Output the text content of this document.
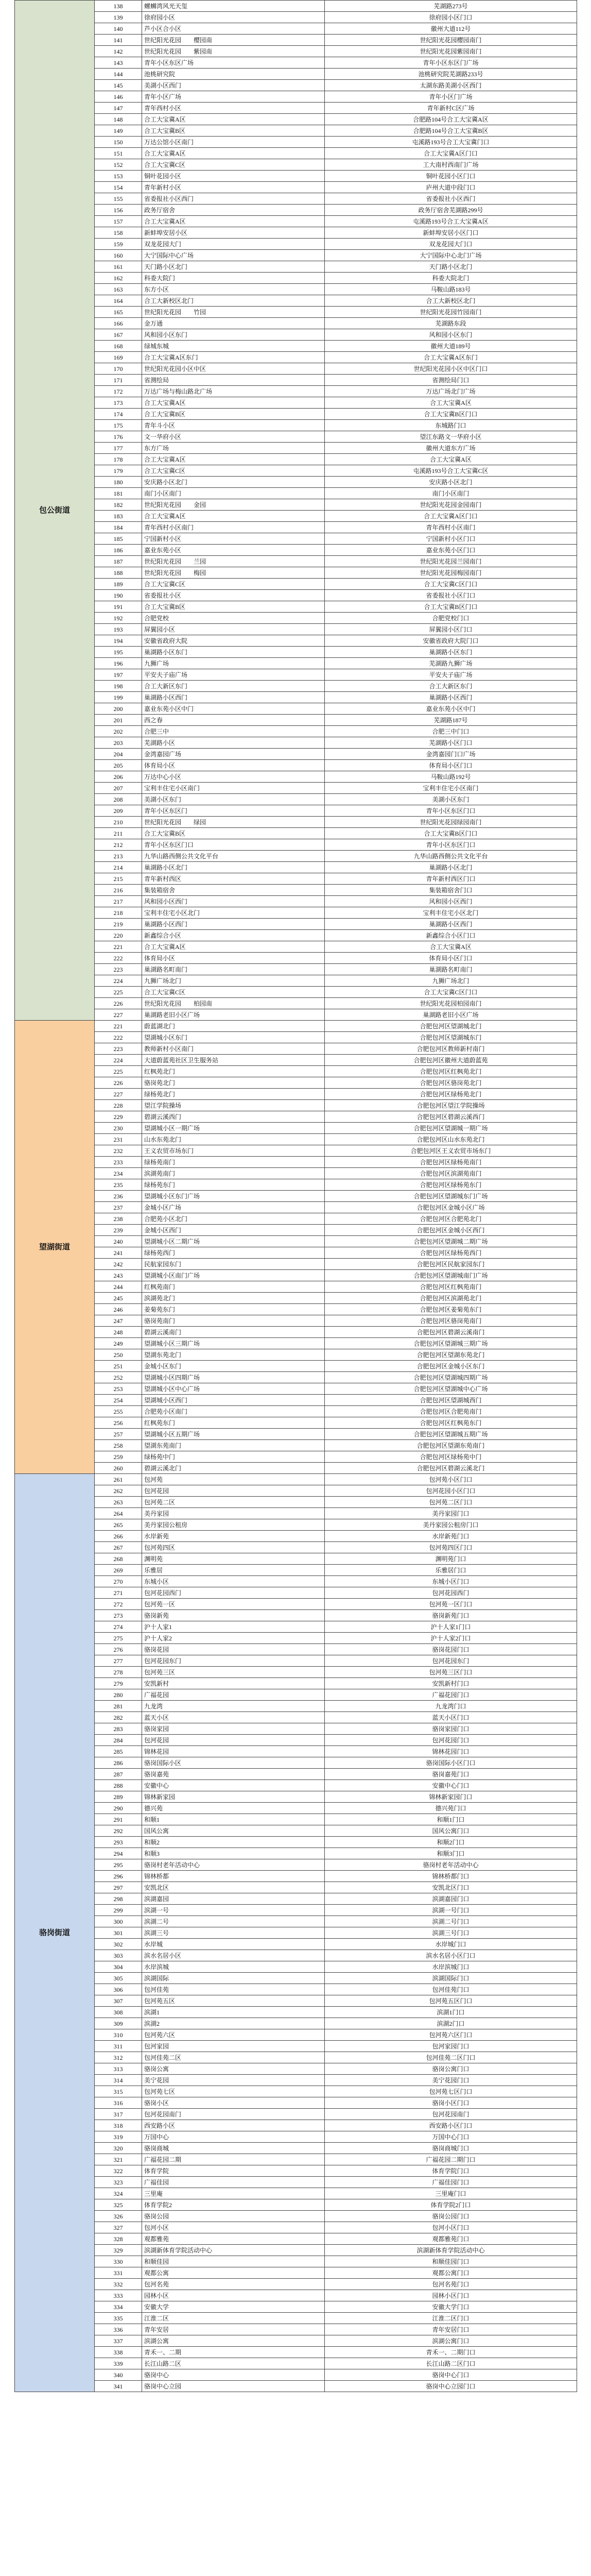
包公街道	138	螺蛳湾风光天玺	芜湖路273号
	139	徐府园小区	徐府园小区门口
	140	芦小区合小区	徽州大道112号
	141	世纪阳光花园　　樱园南	世纪阳光花园樱园南门
	142	世纪阳光花园　　紫园南	世纪阳光花园紫园南门
	143	青年小区东区广场	青年小区东区门广场
	144	池桃研究院	池桃研究院芜湖路233号
	145	美湖小区西门	太湖东路美湖小区西门
	146	青年小区广场	青年小区门广场
	147	青年西村小区	青年新村C区广场
	148	合工大宝冀A区	合肥路104号合工大宝冀A区
	149	合工大宝冀B区	合肥路104号合工大宝冀B区
	150	万达公馆小区南门	屯溪路193号合工大宝冀门口
	151	合工大宝冀A区	合工大宝冀A区门口
	152	合工大宝冀C区	工大南村西南门广场
	153	铜叶花园小区	铜叶花园小区门口
	154	青年新村小区	庐州大道中段门口
	155	省委报社小区西门	省委报社小区西门
	156	政务厅宿舍	政务厅宿舍芜湖路299号
	157	合工大宝冀A区	屯溪路193号合工大宝冀A区
	158	新蚌埠安居小区	新蚌埠安居小区门口
	159	双龙花园大门	双龙花园大门口
	160	大宁国际中心广场	大宁国际中心北门广场
	161	天门路小区北门	天门路小区北门
	162	科委大院门	科委大院北门
	163	东方小区	马鞍山路183号
	164	合工大新校区北门	合工大新校区北门
	165	世纪阳光花园　　竹园	世纪阳光花园竹园南门
	166	金万通	芜湖路东段
	167	风和园小区东门	风和园小区东门
	168	绿城东城	徽州大道189号
	169	合工大宝冀A区东门	合工大宝冀A区东门
	170	世纪阳光花园小区中区	世纪阳光花园小区中区门口
	171	省测绘局	省测绘局门口
	172	万达广场与梅山路北广场	万达广场北门广场
	173	合工大宝冀A区	合工大宝冀A区
	174	合工大宝冀B区	合工大宝冀B区门口
	175	青年斗小区	东城路门口
	176	文一华府小区	望江东路文一华府小区
	177	东方广场	徽州大道东方广场
	178	合工大宝冀A区	合工大宝冀A区
	179	合工大宝冀C区	屯溪路193号合工大宝冀C区
	180	安庆路小区北门	安庆路小区北门
	181	南门小区南门	南门小区南门
	182	世纪阳光花园　　金园	世纪阳光花园金园南门
	183	合工大宝冀A区	合工大宝冀A区门口
	184	青年西村小区南门	青年西村小区南门
	185	宁国新村小区	宁国新村小区门口
	186	嘉业东苑小区	嘉业东苑小区门口
	187	世纪阳光花园　　兰园	世纪阳光花园兰园南门
	188	世纪阳光花园　　梅园	世纪阳光花园梅园南门
	189	合工大宝冀C区	合工大宝冀C区门口
	190	省委报社小区	省委报社小区门口
	191	合工大宝冀B区	合工大宝冀B区门口
	192	合肥党校	合肥党校门口
	193	屏翼园小区	屏翼园小区门口
	194	安徽省政府大院	安徽省政府大院门口
	195	巢湖路小区东门	巢湖路小区东门
	196	九狮广场	芜湖路九狮广场
	197	平安夫子庙广场	平安夫子庙广场
	198	合工大新区东门	合工大新区东门
	199	巢湖路小区西门	巢湖路小区西门
	200	嘉业东苑小区中门	嘉业东苑小区中门
	201	西之春	芜湖路187号
	202	合肥三中	合肥三中门口
	203	芜湖路小区	芜湖路小区门口
	204	金湾嘉园广场	金湾嘉园门口广场
	205	体育局小区	体育局小区门口
	206	万达中心小区	马鞍山路192号
	207	宝利丰住宅小区南门	宝利丰住宅小区南门
	208	美湖小区东门	美湖小区东门
	209	青年小区东区门	青年小区东区门口
	210	世纪阳光花园　　绿园	世纪阳光花园绿园南门
	211	合工大宝冀B区	合工大宝冀B区门口
	212	青年小区东区门口	青年小区东区门口
	213	九华山路西侧公共文化平台	九华山路西侧公共文化平台
	214	巢湖路小区北门	巢湖路小区北门
	215	青年新村西区	青年新村西区门口
	216	集装箱宿舍	集装箱宿舍门口
	217	风和园小区西门	风和园小区西门
	218	宝利丰住宅小区北门	宝利丰住宅小区北门
	219	巢湖路小区西门	巢湖路小区西门
	220	新鑫综合小区	新鑫综合小区门口
	221	合工大宝冀A区	合工大宝冀A区
	222	体育局小区	体育局小区门口
	223	巢湖路名町南门	巢湖路名町南门
	224	九狮广场北门	九狮广场北门
	225	合工大宝冀C区	合工大宝冀C区门口
	226	世纪阳光花园　　柏园南	世纪阳光花园柏园南门
	227	巢湖路老旧小区广场	巢湖路老旧小区广场
望湖街道	221	蔚蓝湖北门	合肥包河区望湖城北门
	222	望湖城小区东门	合肥包河区望湖城东门
	223	教师新村小区南门	合肥包河区教师新村南门
	224	大道蔚蓝苑社区卫生服务站	合肥包河区徽州大道蔚蓝苑
	225	红枫苑北门	合肥包河区红枫苑北门
	226	骆岗苑北门	合肥包河区骆岗苑北门
	227	绿杨苑北门	合肥包河区绿杨苑北门
	228	望江学院操场	合肥包河区望江学院操场
	229	碧湖云溪西门	合肥包河区碧湖云溪西门
	230	望湖城小区一期广场	合肥包河区望湖城一期广场
	231	山水东苑北门	合肥包河区山水东苑北门
	232	王义农贸市场东门	合肥包河区王义农贸市场东门
	233	绿杨苑南门	合肥包河区绿杨苑南门
	234	滨湖苑南门	合肥包河区滨湖苑南门
	235	绿杨苑东门	合肥包河区绿杨苑东门
	236	望湖城小区东门广场	合肥包河区望湖城东门广场
	237	金城小区广场	合肥包河区金城小区广场
	238	合肥苑小区北门	合肥包河区合肥苑北门
	239	金城小区西门	合肥包河区金城小区西门
	240	望湖城小区二期广场	合肥包河区望湖城二期广场
	241	绿杨苑西门	合肥包河区绿杨苑西门
	242	民航家园东门	合肥包河区民航家园东门
	243	望湖城小区南门广场	合肥包河区望湖城南门广场
	244	红枫苑南门	合肥包河区红枫苑南门
	245	滨湖苑北门	合肥包河区滨湖苑北门
	246	姜菊苑东门	合肥包河区姜菊苑东门
	247	骆岗苑南门	合肥包河区骆岗苑南门
	248	碧湖云溪南门	合肥包河区碧湖云溪南门
	249	望湖城小区三期广场	合肥包河区望湖城三期广场
	250	望湖东苑北门	合肥包河区望湖东苑北门
	251	金城小区东门	合肥包河区金城小区东门
	252	望湖城小区四期广场	合肥包河区望湖城四期广场
	253	望湖城小区中心广场	合肥包河区望湖城中心广场
	254	望湖城小区西门	合肥包河区望湖城西门
	255	合肥苑小区南门	合肥包河区合肥苑南门
	256	红枫苑东门	合肥包河区红枫苑东门
	257	望湖城小区五期广场	合肥包河区望湖城五期广场
	258	望湖东苑南门	合肥包河区望湖东苑南门
	259	绿杨苑中门	合肥包河区绿杨苑中门
	260	碧湖云溪北门	合肥包河区碧湖云溪北门
骆岗街道	261	包河苑	包河苑小区门口
	262	包河花园	包河花园小区门口
	263	包河苑二区	包河苑二区门口
	264	美丹家园	美丹家园门口
	265	美丹家园公租房	美丹家园公租房门口
	266	水岸新苑	水岸新苑门口
	267	包河苑四区	包河苑四区门口
	268	渊明苑	渊明苑门口
	269	乐雅居	乐雅居门口
	270	东城小区	东城小区门口
	271	包河花园西门	包河花园西门
	272	包河苑一区	包河苑一区门口
	273	骆岗新苑	骆岗新苑门口
	274	沪十人家1	沪十人家1门口
	275	沪十人家2	沪十人家2门口
	276	骆岗花园	骆岗花园门口
	277	包河花园东门	包河花园东门
	278	包河苑三区	包河苑三区门口
	279	安凯新村	安凯新村门口
	280	广福花园	广福花园门口
	281	九龙湾	九龙湾门口
	282	蓝天小区	蓝天小区门口
	283	骆岗家园	骆岗家园门口
	284	包河花园	包河花园门口
	285	锦林花园	锦林花园门口
	286	骆岗国际小区	骆岗国际小区门口
	287	骆岗嘉苑	骆岗嘉苑门口
	288	安徽中心	安徽中心门口
	289	锦林新家园	锦林新家园门口
	290	德兴苑	德兴苑门口
	291	和顺1	和顺1门口
	292	国风公寓	国风公寓门口
	293	和顺2	和顺2门口
	294	和顺3	和顺3门口
	295	骆岗村老年活动中心	骆岗村老年活动中心
	296	锦林桥都	锦林桥都门口
	297	安凯北区	安凯北区门口
	298	滨湖嘉园	滨湖嘉园门口
	299	滨湖一号	滨湖一号门口
	300	滨湖二号	滨湖二号门口
	301	滨湖三号	滨湖三号门口
	302	水岸城	水岸城门口
	303	滨水名居小区	滨水名居小区门口
	304	水岸滨城	水岸滨城门口
	305	滨湖国际	滨湖国际门口
	306	包河佳苑	包河佳苑门口
	307	包河苑五区	包河苑五区门口
	308	滨湖1	滨湖1门口
	309	滨湖2	滨湖2门口
	310	包河苑六区	包河苑六区门口
	311	包河家园	包河家园门口
	312	包河佳苑二区	包河佳苑二区门口
	313	骆岗公寓	骆岗公寓门口
	314	美宁花园	美宁花园门口
	315	包河苑七区	包河苑七区门口
	316	骆岗小区	骆岗小区门口
	317	包河花园南门	包河花园南门
	318	西安路小区	西安路小区门口
	319	万国中心	万国中心门口
	320	骆岗商城	骆岗商城门口
	321	广福花园二期	广福花园二期门口
	322	体育学院	体育学院门口
	323	广福佳园	广福佳园门口
	324	三里庵	三里庵门口
	325	体育学院2	体育学院2门口
	326	骆岗公园	骆岗公园门口
	327	包河小区	包河小区门口
	328	观都雅苑	观都雅苑门口
	329	滨湖新体育学院活动中心	滨湖新体育学院活动中心
	330	和顺佳园	和顺佳园门口
	331	观都公寓	观都公寓门口
	332	包河名苑	包河名苑门口
	333	园林小区	园林小区门口
	334	安徽大学	安徽大学门口
	335	江淮二区	江淮二区门口
	336	青年安居	青年安居门口
	337	滨湖公寓	滨湖公寓门口
	338	青禾一、二期	青禾一、二期门口
	339	长江山路二区	长江山路二区门口
	340	骆岗中心	骆岗中心门口
	341	骆岗中心立园	骆岗中心立园门口
